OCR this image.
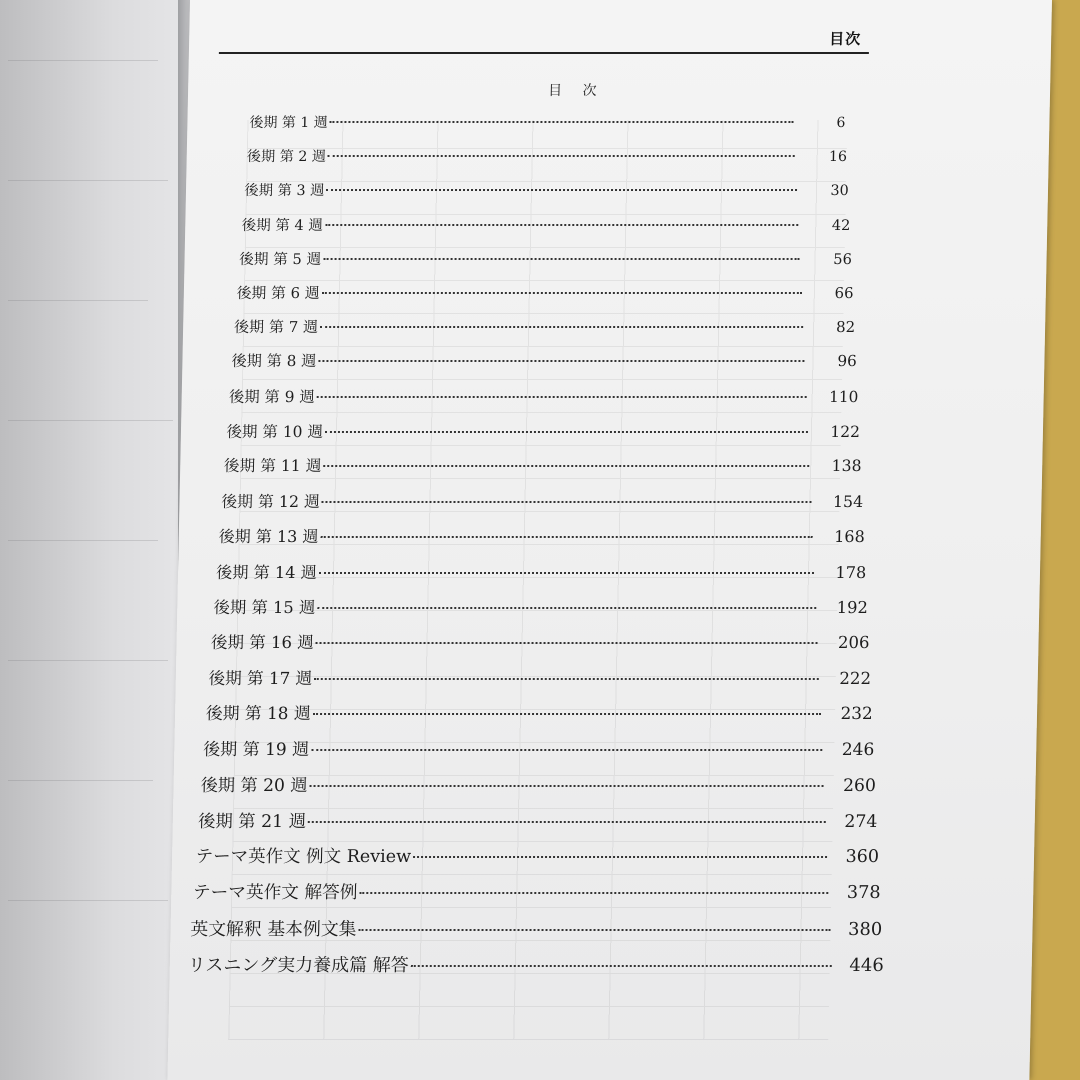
目次
目 次
後期 第 1 週	6
後期 第 2 週	16
後期 第 3 週	30
後期 第 4 週	42
後期 第 5 週	56
後期 第 6 週	66
後期 第 7 週	82
後期 第 8 週	96
後期 第 9 週	110
後期 第 10 週	122
後期 第 11 週	138
後期 第 12 週	154
後期 第 13 週	168
後期 第 14 週	178
後期 第 15 週	192
後期 第 16 週	206
後期 第 17 週	222
後期 第 18 週	232
後期 第 19 週	246
後期 第 20 週	260
後期 第 21 週	274
テーマ英作文 例文 Review	360
テーマ英作文 解答例	378
英文解釈 基本例文集	380
リスニング実力養成篇 解答	446
